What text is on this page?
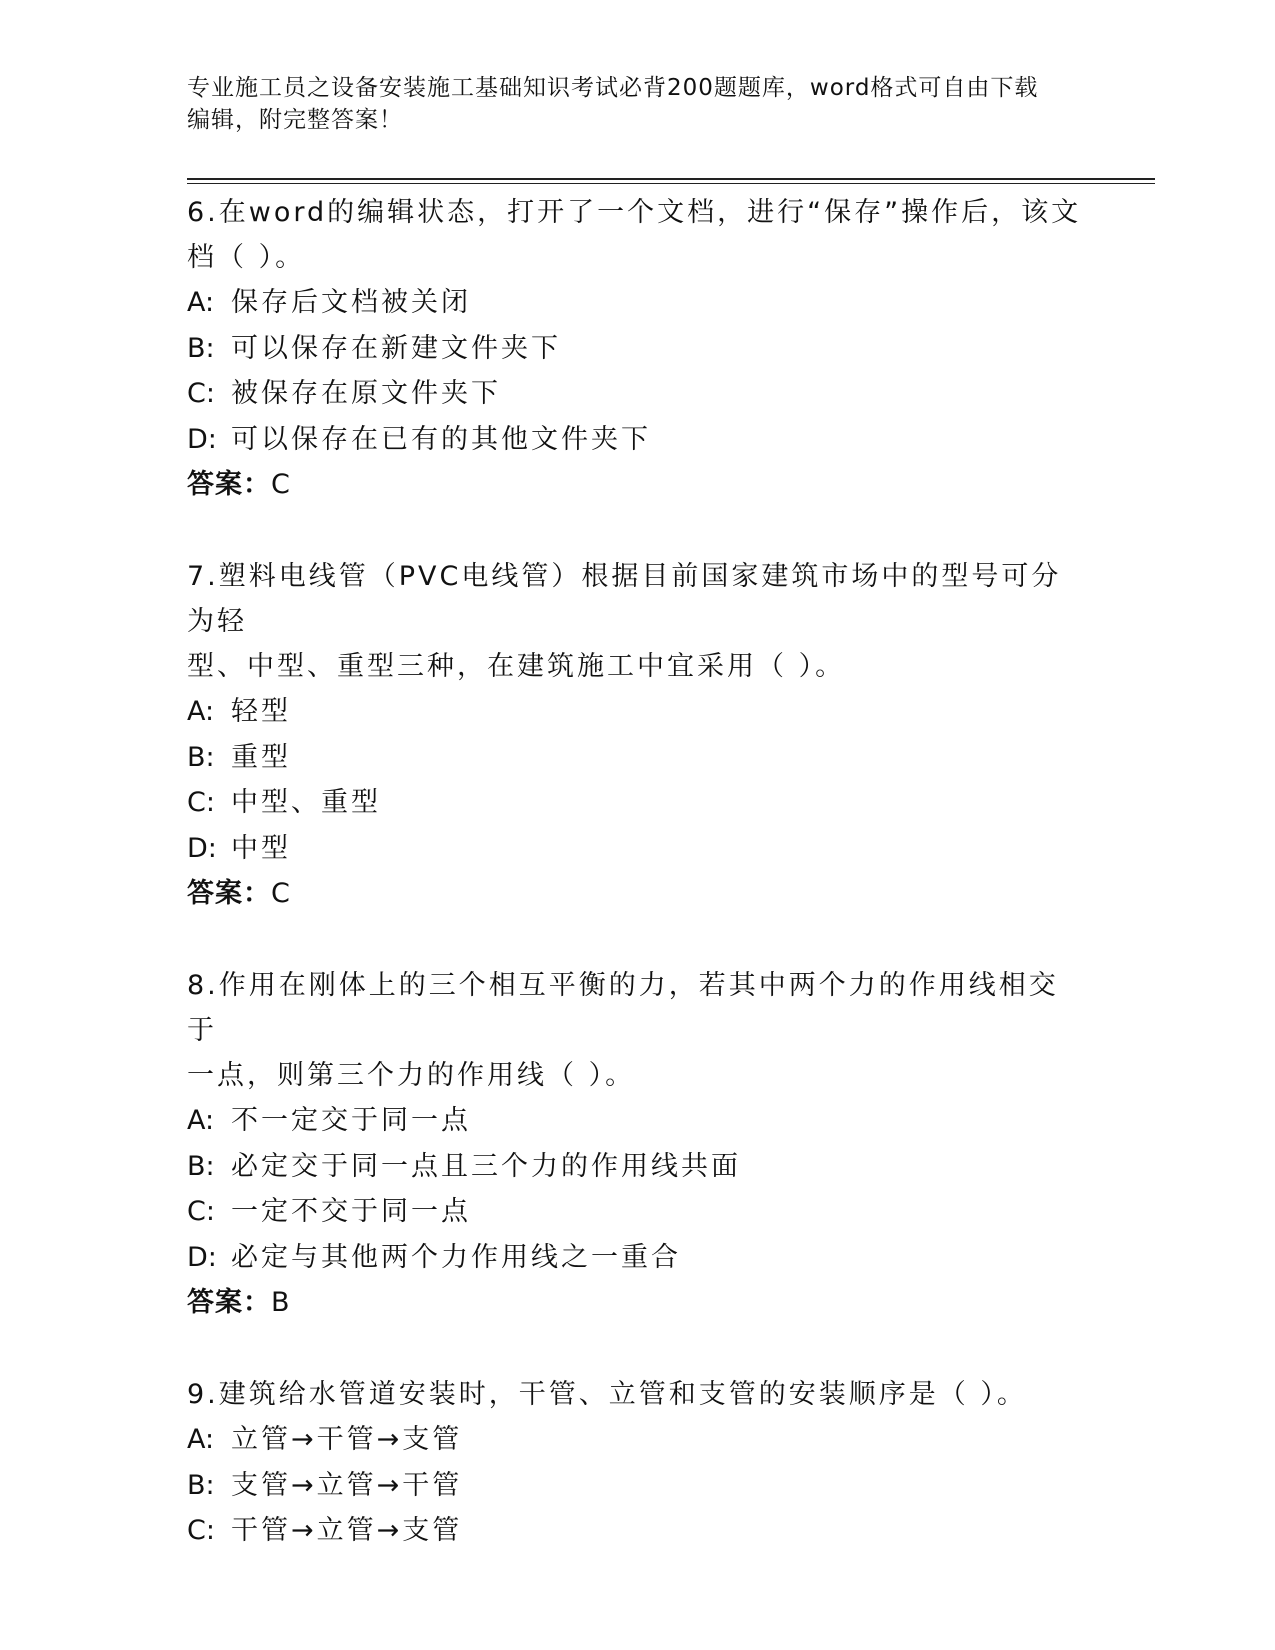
专业施工员之设备安装施工基础知识考试必背200题题库，word格式可自由下载
编辑，附完整答案！

6.在word的编辑状态，打开了一个文档，进行“保存”操作后，该文

档（ ）。

A: 保存后文档被关闭

B: 可以保存在新建文件夹下

C: 被保存在原文件夹下

D: 可以保存在已有的其他文件夹下

答案：C

7.塑料电线管（PVC电线管）根据目前国家建筑市场中的型号可分为轻

型、中型、重型三种，在建筑施工中宜采用（ ）。

A: 轻型

B: 重型

C: 中型、重型

D: 中型

答案：C

8.作用在刚体上的三个相互平衡的力，若其中两个力的作用线相交于

一点，则第三个力的作用线（ ）。

A: 不一定交于同一点

B: 必定交于同一点且三个力的作用线共面

C: 一定不交于同一点

D: 必定与其他两个力作用线之一重合

答案：B

9.建筑给水管道安装时，干管、立管和支管的安装顺序是（ ）。

A: 立管→干管→支管

B: 支管→立管→干管

C: 干管→立管→支管
